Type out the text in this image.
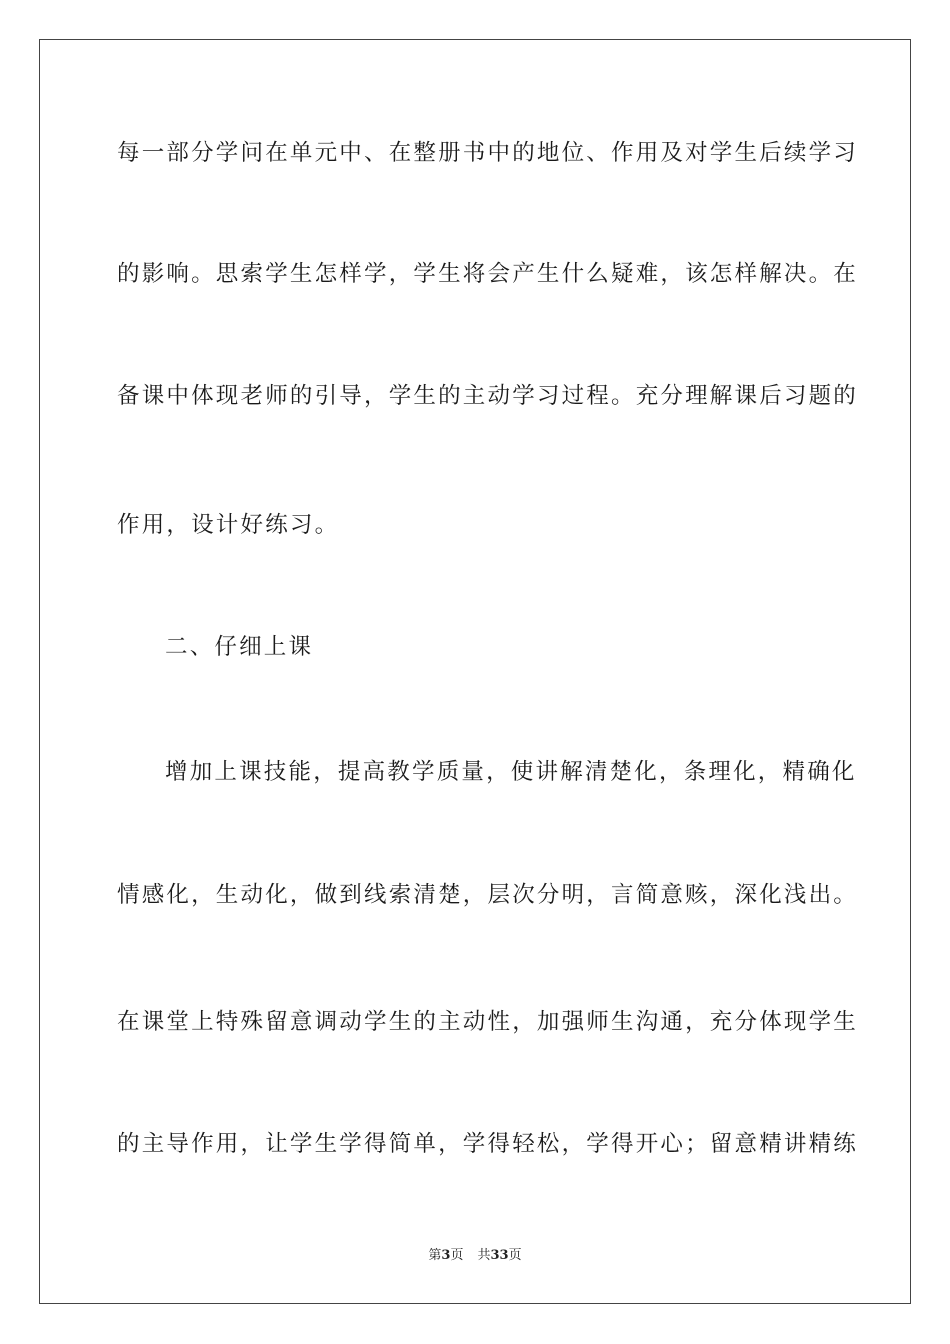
每一部分学问在单元中、在整册书中的地位、作用及对学生后续学习
的影响。思索学生怎样学，学生将会产生什么疑难，该怎样解决。在
备课中体现老师的引导，学生的主动学习过程。充分理解课后习题的
作用，设计好练习。
二、仔细上课
增加上课技能，提高教学质量，使讲解清楚化，条理化，精确化
情感化，生动化，做到线索清楚，层次分明，言简意赅，深化浅出。
在课堂上特殊留意调动学生的主动性，加强师生沟通，充分体现学生
的主导作用，让学生学得简单，学得轻松，学得开心；留意精讲精练
第3页 共33页
